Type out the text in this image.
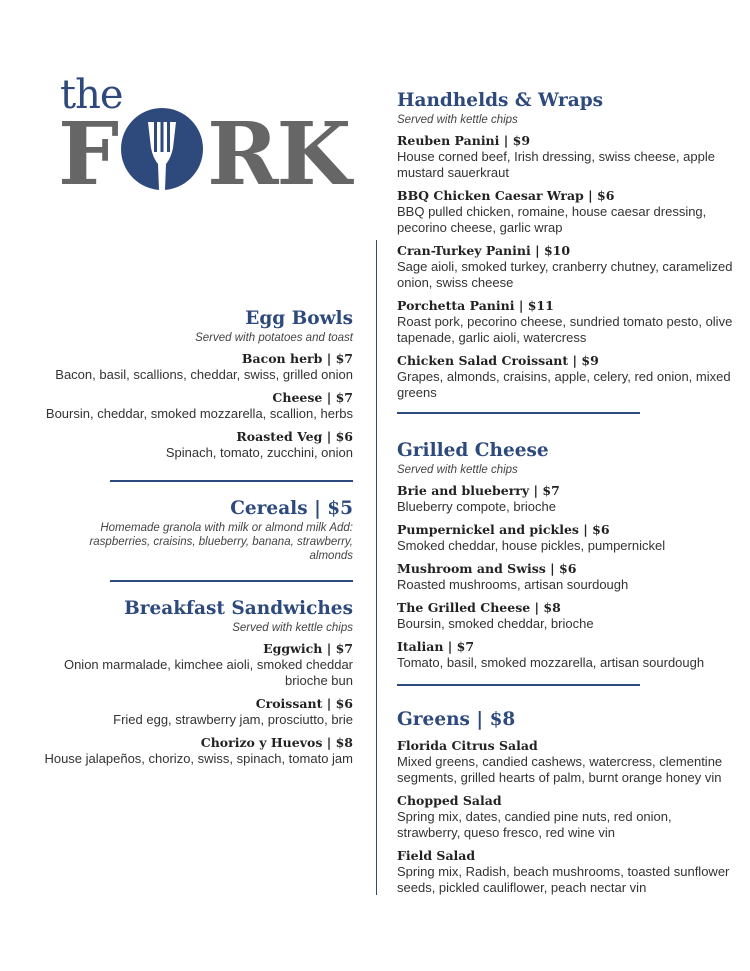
the
F RK
Egg Bowls
Served with potatoes and toast
Bacon herb | $7
Bacon, basil, scallions, cheddar, swiss, grilled onion
Cheese | $7
Boursin, cheddar, smoked mozzarella, scallion, herbs
Roasted Veg | $6
Spinach, tomato, zucchini, onion
Cereals | $5
Homemade granola with milk or almond milk Add: raspberries, craisins, blueberry, banana, strawberry, almonds
Breakfast Sandwiches
Served with kettle chips
Eggwich | $7
Onion marmalade, kimchee aioli, smoked cheddar brioche bun
Croissant | $6
Fried egg, strawberry jam, prosciutto, brie
Chorizo y Huevos | $8
House jalapeños, chorizo, swiss, spinach, tomato jam
Handhelds & Wraps
Served with kettle chips
Reuben Panini | $9
House corned beef, Irish dressing, swiss cheese, apple mustard sauerkraut
BBQ Chicken Caesar Wrap | $6
BBQ pulled chicken, romaine, house caesar dressing, pecorino cheese, garlic wrap
Cran-Turkey Panini | $10
Sage aioli, smoked turkey, cranberry chutney, caramelized onion, swiss cheese
Porchetta Panini | $11
Roast pork, pecorino cheese, sundried tomato pesto, olive tapenade, garlic aioli, watercress
Chicken Salad Croissant | $9
Grapes, almonds, craisins, apple, celery, red onion, mixed greens
Grilled Cheese
Served with kettle chips
Brie and blueberry | $7
Blueberry compote, brioche
Pumpernickel and pickles | $6
Smoked cheddar, house pickles, pumpernickel
Mushroom and Swiss | $6
Roasted mushrooms, artisan sourdough
The Grilled Cheese | $8
Boursin, smoked cheddar, brioche
Italian | $7
Tomato, basil, smoked mozzarella, artisan sourdough
Greens | $8
Florida Citrus Salad
Mixed greens, candied cashews, watercress, clementine segments, grilled hearts of palm, burnt orange honey vin
Chopped Salad
Spring mix, dates, candied pine nuts, red onion, strawberry, queso fresco, red wine vin
Field Salad
Spring mix, Radish, beach mushrooms, toasted sunflower seeds, pickled cauliflower, peach nectar vin
